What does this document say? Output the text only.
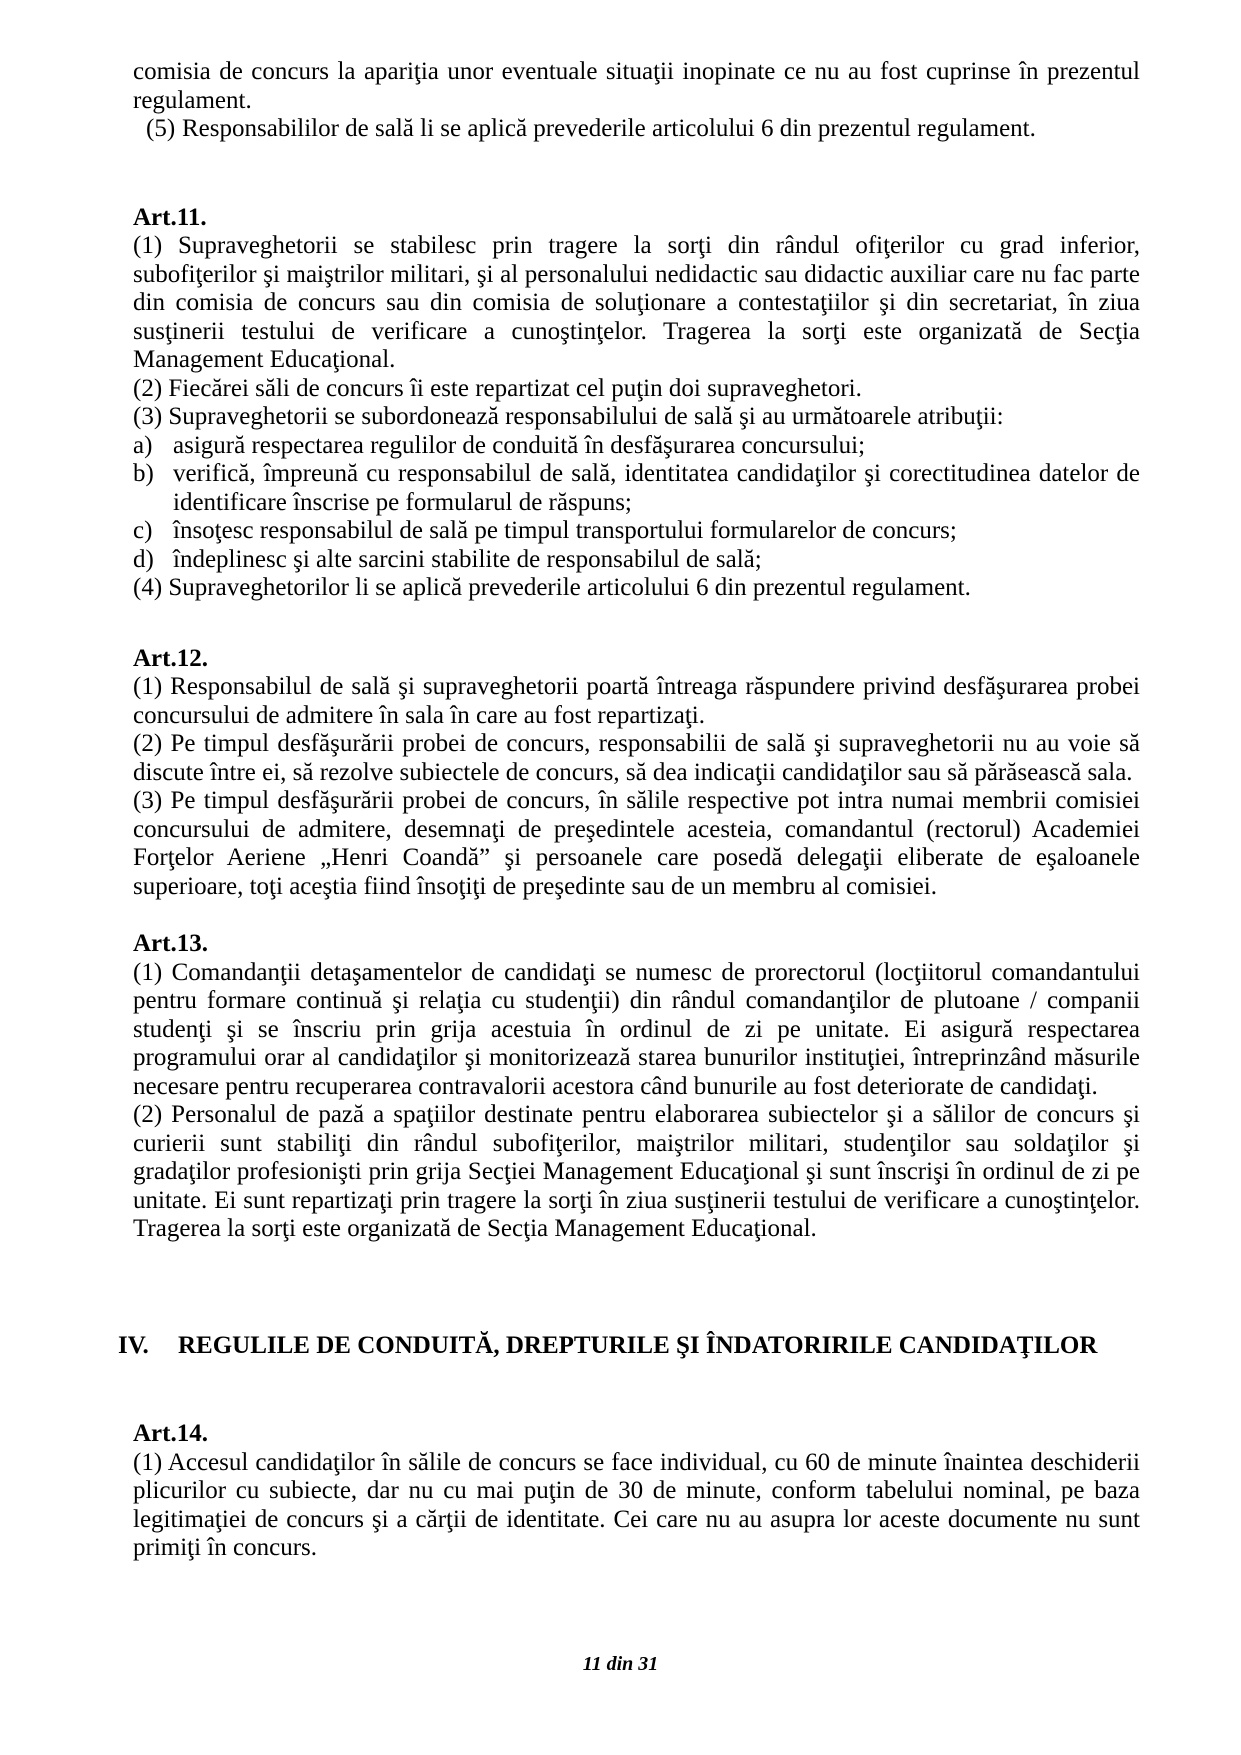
comisia de concurs la apariţia unor eventuale situaţii inopinate ce nu au fost cuprinse în prezentul regulament.

(5) Responsabililor de sală li se aplică prevederile articolului 6 din prezentul regulament.
Art.11.

(1) Supraveghetorii se stabilesc prin tragere la sorţi din rândul ofiţerilor cu grad inferior, subofiţerilor şi maiştrilor militari, şi al personalului nedidactic sau didactic auxiliar care nu fac parte din comisia de concurs sau din comisia de soluţionare a contestaţiilor şi din secretariat, în ziua susţinerii testului de verificare a cunoştinţelor. Tragerea la sorţi este organizată de Secţia Management Educaţional.

(2) Fiecărei săli de concurs îi este repartizat cel puţin doi supraveghetori.

(3) Supraveghetorii se subordonează responsabilului de sală şi au următoarele atribuţii:

a) asigură respectarea regulilor de conduită în desfăşurarea concursului;
b) verifică, împreună cu responsabilul de sală, identitatea candidaţilor şi corectitudinea datelor de identificare înscrise pe formularul de răspuns;
c) însoţesc responsabilul de sală pe timpul transportului formularelor de concurs;
d) îndeplinesc şi alte sarcini stabilite de responsabilul de sală;

(4) Supraveghetorilor li se aplică prevederile articolului 6 din prezentul regulament.

Art.12.

(1) Responsabilul de sală şi supraveghetorii poartă întreaga răspundere privind desfăşurarea probei concursului de admitere în sala în care au fost repartizaţi.

(2) Pe timpul desfăşurării probei de concurs, responsabilii de sală şi supraveghetorii nu au voie să discute între ei, să rezolve subiectele de concurs, să dea indicaţii candidaţilor sau să părăsească sala.

(3) Pe timpul desfăşurării probei de concurs, în sălile respective pot intra numai membrii comisiei concursului de admitere, desemnaţi de preşedintele acesteia, comandantul (rectorul) Academiei Forţelor Aeriene „Henri Coandă” şi persoanele care posedă delegaţii eliberate de eşaloanele superioare, toţi aceştia fiind însoţiţi de preşedinte sau de un membru al comisiei.

Art.13.

(1) Comandanţii detaşamentelor de candidaţi se numesc de prorectorul (locţiitorul comandantului pentru formare continuă şi relaţia cu studenţii) din rândul comandanţilor de plutoane / companii studenţi şi se înscriu prin grija acestuia în ordinul de zi pe unitate. Ei asigură respectarea programului orar al candidaţilor şi monitorizează starea bunurilor instituţiei, întreprinzând măsurile necesare pentru recuperarea contravalorii acestora când bunurile au fost deteriorate de candidaţi.

(2) Personalul de pază a spaţiilor destinate pentru elaborarea subiectelor şi a sălilor de concurs şi curierii sunt stabiliţi din rândul subofiţerilor, maiştrilor militari, studenţilor sau soldaţilor şi gradaţilor profesionişti prin grija Secţiei Management Educaţional şi sunt înscrişi în ordinul de zi pe unitate. Ei sunt repartizaţi prin tragere la sorţi în ziua susţinerii testului de verificare a cunoştinţelor. Tragerea la sorţi este organizată de Secţia Management Educaţional.

IV.	REGULILE DE CONDUITĂ, DREPTURILE ŞI ÎNDATORIRILE CANDIDAŢILOR
Art.14.

(1) Accesul candidaţilor în sălile de concurs se face individual, cu 60 de minute înaintea deschiderii plicurilor cu subiecte, dar nu cu mai puţin de 30 de minute, conform tabelului nominal, pe baza legitimaţiei de concurs şi a cărţii de identitate. Cei care nu au asupra lor aceste documente nu sunt primiţi în concurs.

11 din 31
